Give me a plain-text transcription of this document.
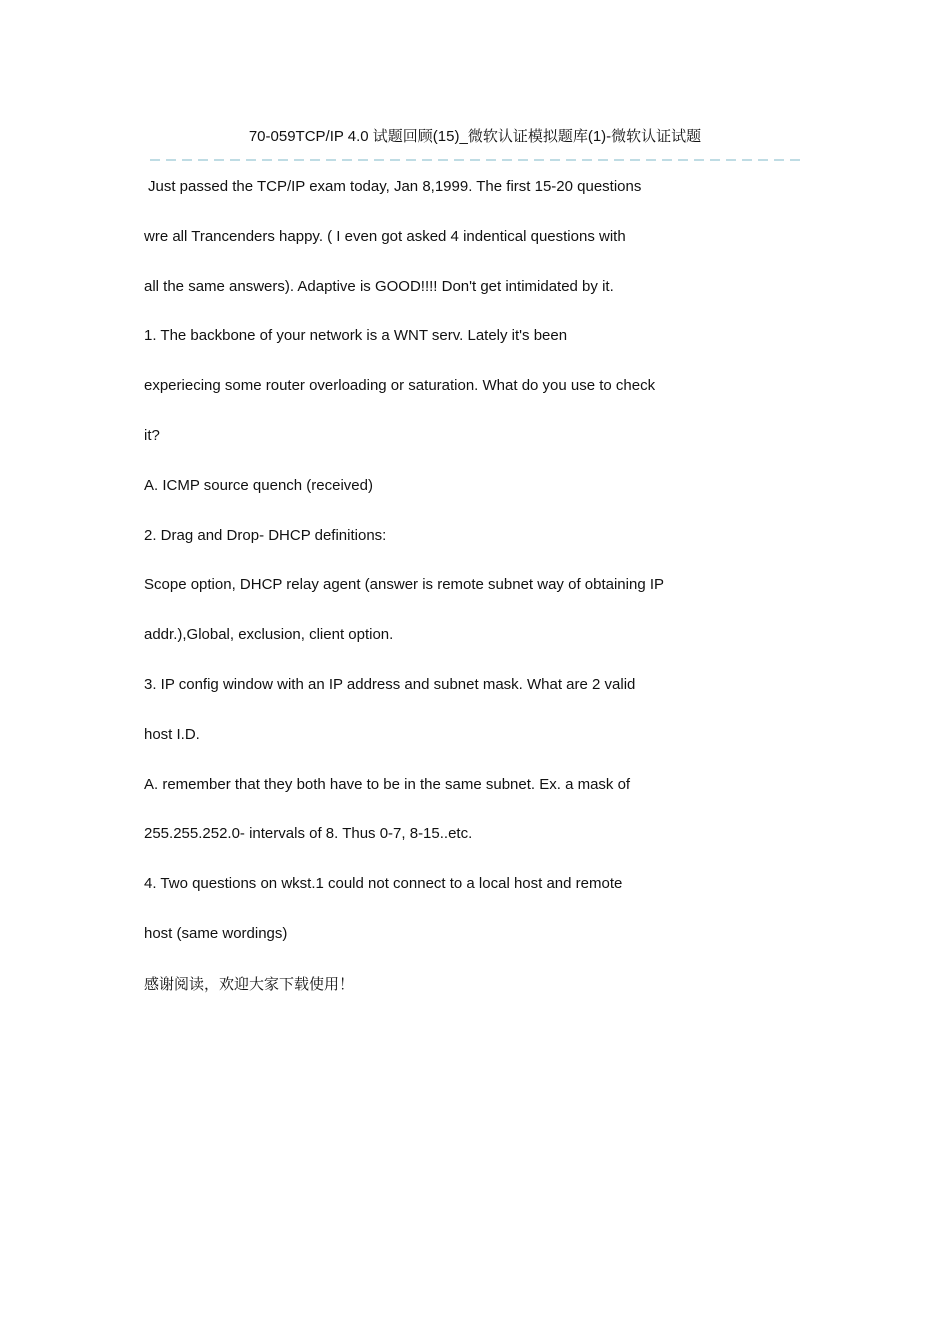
70-059TCP/IP 4.0 试题回顾(15)_微软认证模拟题库(1)-微软认证试题
Just passed the TCP/IP exam today, Jan 8,1999. The first 15-20 questions
wre all Trancenders happy. ( I even got asked 4 indentical questions with
all the same answers). Adaptive is GOOD!!!! Don't get intimidated by it.
1. The backbone of your network is a WNT serv. Lately it's been
experiecing some router overloading or saturation. What do you use to check
it?
A. ICMP source quench (received)
2. Drag and Drop- DHCP definitions:
Scope option, DHCP relay agent (answer is remote subnet way of obtaining IP
addr.),Global, exclusion, client option.
3. IP config window with an IP address and subnet mask. What are 2 valid
host I.D.
A. remember that they both have to be in the same subnet. Ex. a mask of
255.255.252.0- intervals of 8. Thus 0-7, 8-15..etc.
4. Two questions on wkst.1 could not connect to a local host and remote
host (same wordings)
感谢阅读，欢迎大家下载使用！
